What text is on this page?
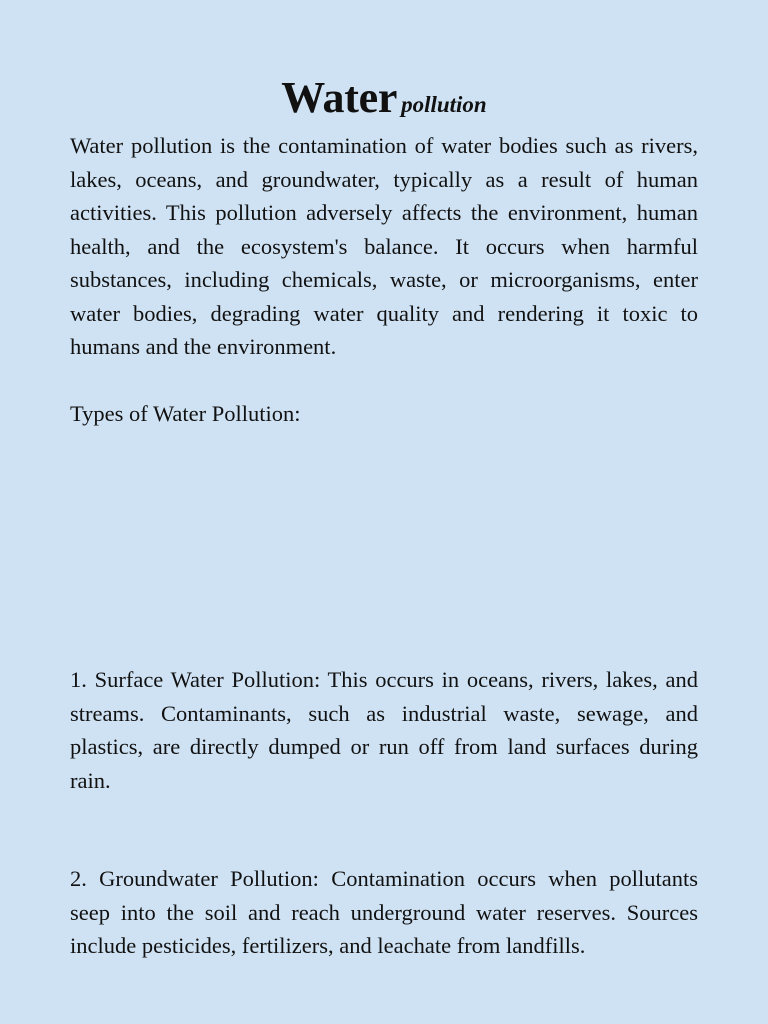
Water pollution

Water pollution is the contamination of water bodies such as rivers, lakes, oceans, and groundwater, typically as a result of human activities. This pollution adversely affects the environment, human health, and the ecosystem's balance. It occurs when harmful substances, including chemicals, waste, or microorganisms, enter water bodies, degrading water quality and rendering it toxic to humans and the environment.

Types of Water Pollution:

1. Surface Water Pollution: This occurs in oceans, rivers, lakes, and streams. Contaminants, such as industrial waste, sewage, and plastics, are directly dumped or run off from land surfaces during rain.

2. Groundwater Pollution: Contamination occurs when pollutants seep into the soil and reach underground water reserves. Sources include pesticides, fertilizers, and leachate from landfills.
